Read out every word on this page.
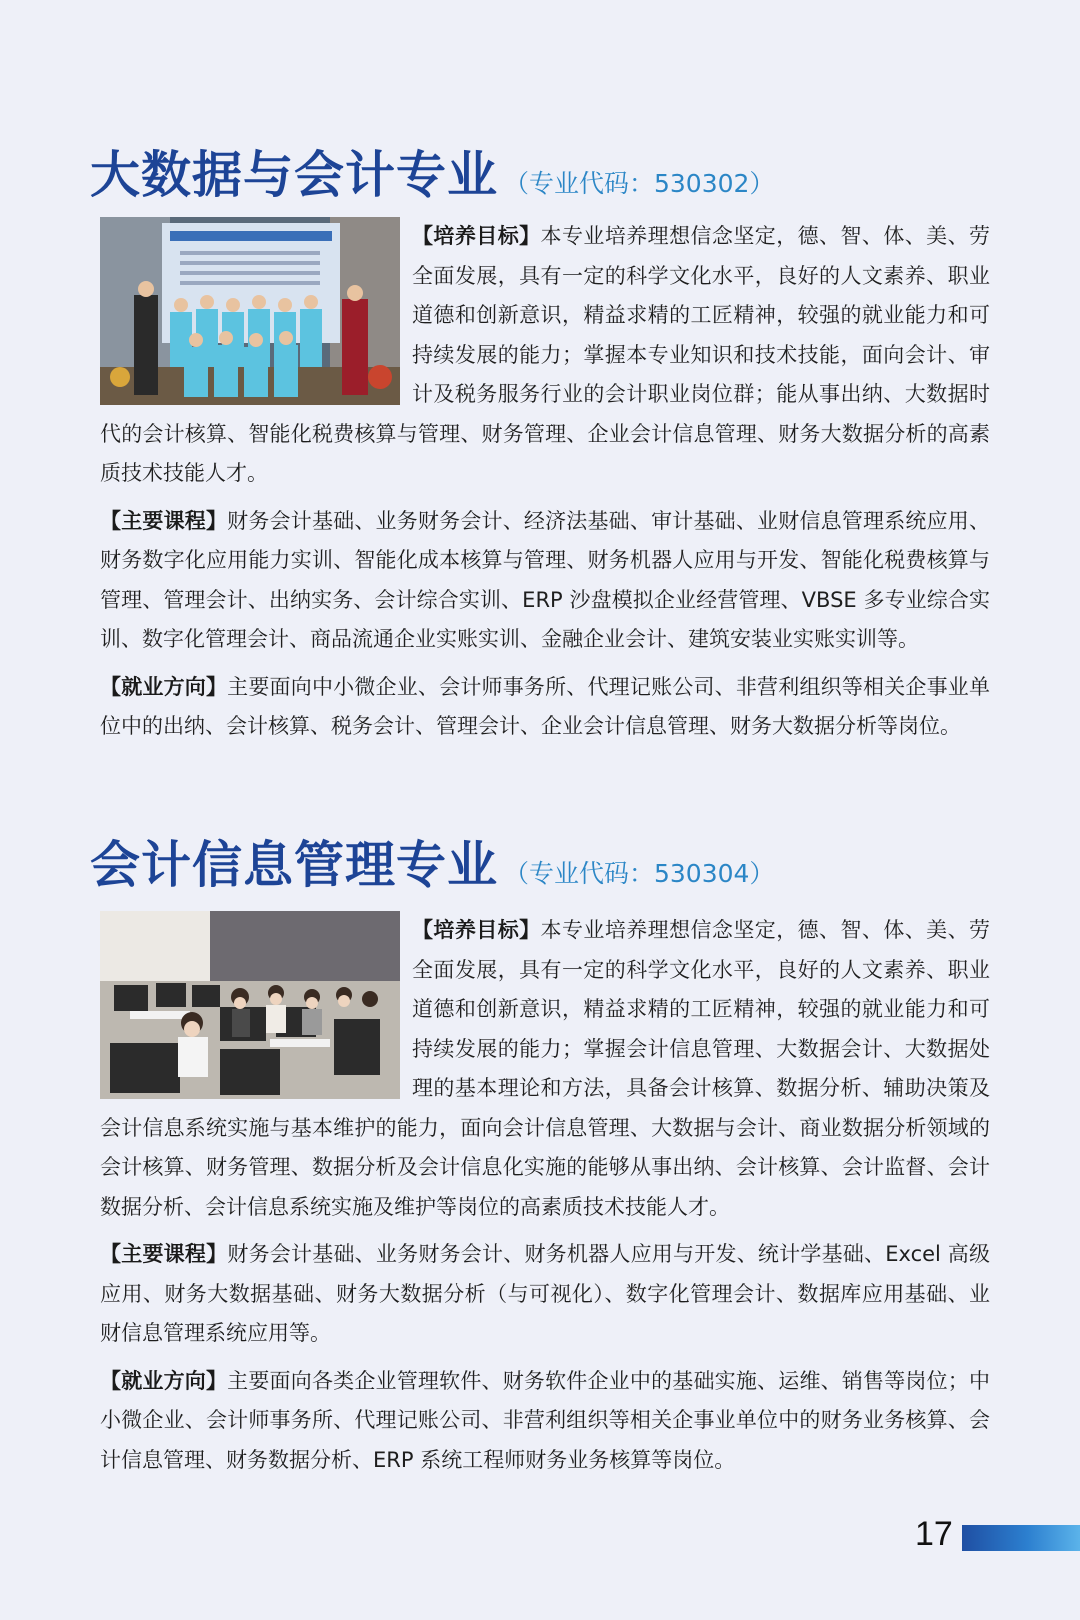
大数据与会计专业 （专业代码：530302）

【培养目标】本专业培养理想信念坚定，德、智、体、美、劳全面发展，具有一定的科学文化水平，良好的人文素养、职业道德和创新意识，精益求精的工匠精神，较强的就业能力和可持续发展的能力；掌握本专业知识和技术技能，面向会计、审计及税务服务行业的会计职业岗位群；能从事出纳、大数据时代的会计核算、智能化税费核算与管理、财务管理、企业会计信息管理、财务大数据分析的高素质技术技能人才。

【主要课程】财务会计基础、业务财务会计、经济法基础、审计基础、业财信息管理系统应用、财务数字化应用能力实训、智能化成本核算与管理、财务机器人应用与开发、智能化税费核算与管理、管理会计、出纳实务、会计综合实训、ERP 沙盘模拟企业经营管理、VBSE 多专业综合实训、数字化管理会计、商品流通企业实账实训、金融企业会计、建筑安装业实账实训等。

【就业方向】主要面向中小微企业、会计师事务所、代理记账公司、非营利组织等相关企事业单位中的出纳、会计核算、税务会计、管理会计、企业会计信息管理、财务大数据分析等岗位。

会计信息管理专业 （专业代码：530304）

【培养目标】本专业培养理想信念坚定，德、智、体、美、劳全面发展，具有一定的科学文化水平，良好的人文素养、职业道德和创新意识，精益求精的工匠精神，较强的就业能力和可持续发展的能力；掌握会计信息管理、大数据会计、大数据处理的基本理论和方法，具备会计核算、数据分析、辅助决策及会计信息系统实施与基本维护的能力，面向会计信息管理、大数据与会计、商业数据分析领域的会计核算、财务管理、数据分析及会计信息化实施的能够从事出纳、会计核算、会计监督、会计数据分析、会计信息系统实施及维护等岗位的高素质技术技能人才。

【主要课程】财务会计基础、业务财务会计、财务机器人应用与开发、统计学基础、Excel 高级应用、财务大数据基础、财务大数据分析（与可视化）、数字化管理会计、数据库应用基础、业财信息管理系统应用等。

【就业方向】主要面向各类企业管理软件、财务软件企业中的基础实施、运维、销售等岗位；中小微企业、会计师事务所、代理记账公司、非营利组织等相关企事业单位中的财务业务核算、会计信息管理、财务数据分析、ERP 系统工程师财务业务核算等岗位。

17
